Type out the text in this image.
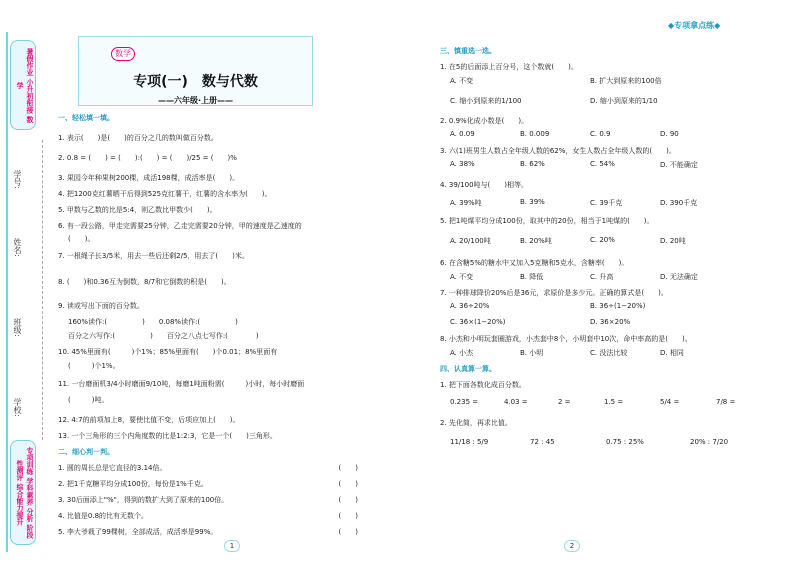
暑假作业 小升初衔接 数学
专项训练 学科素养 分析 阶段性测评 综合能力提升
学号:
姓名:
班级:
学校:
数学
专项(一)　数与代数
——六年级·上册——
一、轻松填一填。
1. 表示(　　)是(　　)的百分之几的数叫做百分数。
2. 0.8 = (　　) = (　　):(　　) = (　　)/25 = (　　)%
3. 果园今年种果树200棵，成活198棵，成活率是(　　)。
4. 把1200克红薯晒干后得到525克红薯干，红薯的含水率为(　　)。
5. 甲数与乙数的比是5:4，则乙数比甲数少(　　)。
6. 有一段公路，甲走完需要25分钟，乙走完需要20分钟，甲的速度是乙速度的
(　　)。
7. 一根绳子长3/5米，用去一些后还剩2/5，用去了(　　)米。
8. (　　)和0.36互为倒数，8/7和它倒数的积是(　　)。
9. 读或写出下面的百分数。
160%读作:(　　　　　)　　0.08%读作:(　　　　　)
百分之六写作:(　　　　　)　　百分之八点七写作:(　　　　)
10. 45%里面有(　　　)个1%；85%里面有(　　)个0.01；8%里面有
(　　　)个1%。
11. 一台磨面机3/4小时磨面9/10吨，每磨1吨面粉需(　　　)小时，每小时磨面
(　　　)吨。
12. 4:7的前项加上8，要使比值不变，后项应加上(　　)。
13. 一个三角形的三个内角度数的比是1:2:3，它是一个(　　)三角形。
二、细心判一判。
1. 圆的周长总是它直径的3.14倍。	(　　)
2. 把1千克糖平均分成100份，每份是1%千克。	(　　)
3. 30后面添上"%"，得到的数扩大到了原来的100倍。	(　　)
4. 比值是0.8的比有无数个。	(　　)
5. 李大爷栽了99棵树，全部成活，成活率是99%。	(　　)
◆专项拿点练◆
三、慎重选一选。
1. 在5的后面添上百分号，这个数就(　　)。
A. 不变	B. 扩大到原来的100倍
C. 缩小到原来的1/100	D. 缩小到原来的1/10
2. 0.9%化成小数是(　　)。
A. 0.09	B. 0.009	C. 0.9	D. 90
3. 六(1)班男生人数占全年级人数的62%，女生人数占全年级人数的(　　)。
A. 38%	B. 62%	C. 54%	D. 不能确定
4. 39/100吨与(　　)相等。
A. 39%吨	B. 39%	C. 39千克	D. 390千克
5. 把1吨煤平均分成100份，取其中的20份，相当于1吨煤的(　　)。
A. 20/100吨	B. 20%吨	C. 20%	D. 20吨
6. 在含糖5%的糖水中又加入5克糖和5克水，含糖率(　　)。
A. 不变	B. 降低	C. 升高	D. 无法确定
7. 一种排球降价20%后是36元，求原价是多少元。正确的算式是(　　)。
A. 36÷20%	B. 36÷(1−20%)
C. 36×(1−20%)	D. 36×20%
8. 小杰和小明玩套圈游戏，小杰套中8个，小明套中10次，命中率高的是(　　)。
A. 小杰	B. 小明	C. 没法比较	D. 相同
四、认真算一算。
1. 把下面各数化成百分数。
0.235 =	4.03 =	2 =	1.5 =	5/4 =	7/8 =
2. 先化简，再求比值。
11/18 : 5/9	72 : 45	0.75 : 25%	20% : 7/20
1	2
